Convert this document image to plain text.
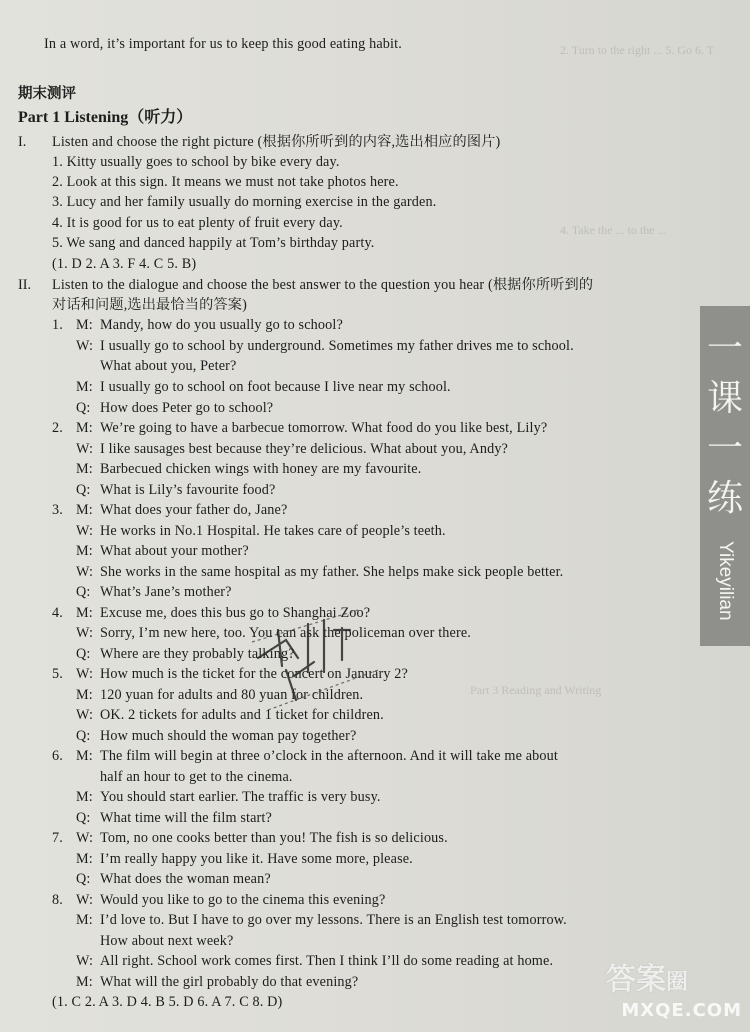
2. Turn to the right ... 5. Go 6. T
4. Take the ... to the ...
Part 3 Reading and Writing
In a word, it’s important for us to keep this good eating habit.
期末测评
Part 1 Listening（听力）
I. Listen and choose the right picture (根据你所听到的内容,选出相应的图片)
1. Kitty usually goes to school by bike every day.
2. Look at this sign. It means we must not take photos here.
3. Lucy and her family usually do morning exercise in the garden.
4. It is good for us to eat plenty of fruit every day.
5. We sang and danced happily at Tom’s birthday party.
(1. D 2. A 3. F 4. C 5. B)
II. Listen to the dialogue and choose the best answer to the question you hear (根据你所听到的
对话和问题,选出最恰当的答案)
1. M: Mandy, how do you usually go to school?
W: I usually go to school by underground. Sometimes my father drives me to school.
What about you, Peter?
M: I usually go to school on foot because I live near my school.
Q: How does Peter go to school?
2. M: We’re going to have a barbecue tomorrow. What food do you like best, Lily?
W: I like sausages best because they’re delicious. What about you, Andy?
M: Barbecued chicken wings with honey are my favourite.
Q: What is Lily’s favourite food?
3. M: What does your father do, Jane?
W: He works in No.1 Hospital. He takes care of people’s teeth.
M: What about your mother?
W: She works in the same hospital as my father. She helps make sick people better.
Q: What’s Jane’s mother?
4. M: Excuse me, does this bus go to Shanghai Zoo?
W: Sorry, I’m new here, too. You can ask the policeman over there.
Q: Where are they probably talking?
5. W: How much is the ticket for the concert on January 2?
M: 120 yuan for adults and 80 yuan for children.
W: OK. 2 tickets for adults and 1 ticket for children.
Q: How much should the woman pay together?
6. M: The film will begin at three o’clock in the afternoon. And it will take me about
half an hour to get to the cinema.
M: You should start earlier. The traffic is very busy.
Q: What time will the film start?
7. W: Tom, no one cooks better than you! The fish is so delicious.
M: I’m really happy you like it. Have some more, please.
Q: What does the woman mean?
8. W: Would you like to go to the cinema this evening?
M: I’d love to. But I have to go over my lessons. There is an English test tomorrow.
How about next week?
W: All right. School work comes first. Then I think I’ll do some reading at home.
M: What will the girl probably do that evening?
(1. C 2. A 3. D 4. B 5. D 6. A 7. C 8. D)
一
课
一
练
Yikeyilian
答案圈
MXQE.COM
